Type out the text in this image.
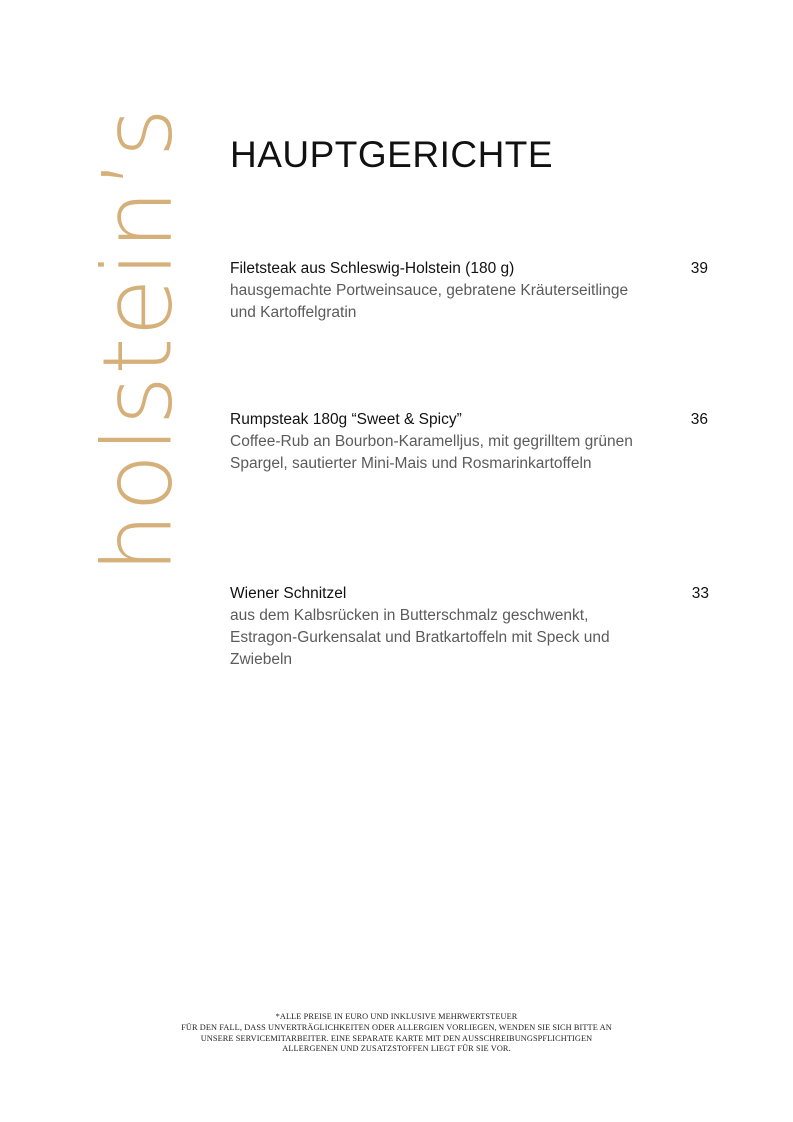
holstein’s HAUPTGERICHTE
Filetsteak aus Schleswig-Holstein (180 g)	39
hausgemachte Portweinsauce, gebratene Kräuterseitlinge und Kartoffelgratin
Rumpsteak 180g “Sweet & Spicy”	36
Coffee-Rub an Bourbon-Karamelljus, mit gegrilltem grünen Spargel, sautierter Mini-Mais und Rosmarinkartoffeln
Wiener Schnitzel	33
aus dem Kalbsrücken in Butterschmalz geschwenkt, Estragon-Gurkensalat und Bratkartoffeln mit Speck und Zwiebeln
*ALLE PREISE IN EURO UND INKLUSIVE MEHRWERTSTEUER
FÜR DEN FALL, DASS UNVERTRÄGLICHKEITEN ODER ALLERGIEN VORLIEGEN, WENDEN SIE SICH BITTE AN
UNSERE SERVICEMITARBEITER. EINE SEPARATE KARTE MIT DEN AUSSCHREIBUNGSPFLICHTIGEN
ALLERGENEN UND ZUSATZSTOFFEN LIEGT FÜR SIE VOR.
